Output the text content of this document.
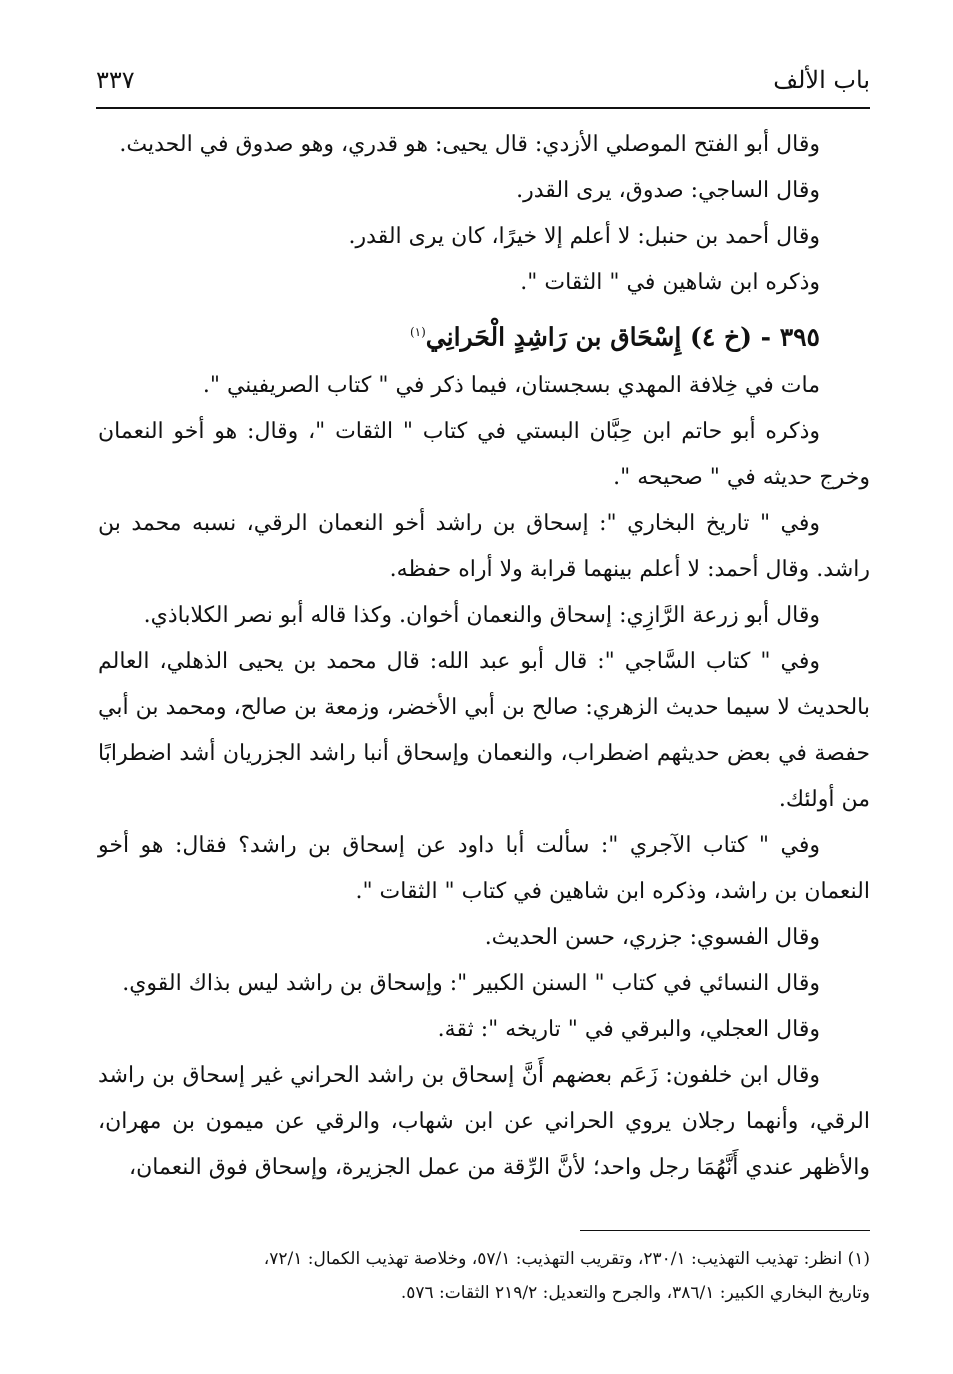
باب الألف
٣٣٧

وقال أبو الفتح الموصلي الأزدي: قال يحيى: هو قدري، وهو صدوق في الحديث.

وقال الساجي: صدوق، يرى القدر.

وقال أحمد بن حنبل: لا أعلم إلا خيرًا، كان يرى القدر.

وذكره ابن شاهين في " الثقات ".

٣٩٥ - (خ ٤) إِسْحَاق بن رَاشِدٍ الْحَرانِي$^{(١)}$

مات في خِلافة المهدي بسجستان، فيما ذكر في " كتاب الصريفيني ".

وذكره أبو حاتم ابن حِبَّان البستي في كتاب " الثقات "، وقال: هو أخو النعمان وخرج حديثه في " صحيحه ".

وفي " تاريخ البخاري ": إسحاق بن راشد أخو النعمان الرقي، نسبه محمد بن راشد. وقال أحمد: لا أعلم بينهما قرابة ولا أراه حفظه.

وقال أبو زرعة الرَّازِي: إسحاق والنعمان أخوان. وكذا قاله أبو نصر الكلاباذي.

وفي " كتاب السَّاجي ": قال أبو عبد الله: قال محمد بن يحيى الذهلي، العالم بالحديث لا سيما حديث الزهري: صالح بن أبي الأخضر، وزمعة بن صالح، ومحمد بن أبي حفصة في بعض حديثهم اضطراب، والنعمان وإسحاق أنبا راشد الجزريان أشد اضطرابًا من أولئك.

وفي " كتاب الآجري ": سألت أبا داود عن إسحاق بن راشد؟ فقال: هو أخو النعمان بن راشد، وذكره ابن شاهين في كتاب " الثقات ".

وقال الفسوي: جزري، حسن الحديث.

وقال النسائي في كتاب " السنن الكبير ": وإسحاق بن راشد ليس بذاك القوي.

وقال العجلي، والبرقي في " تاريخه ": ثقة.

وقال ابن خلفون: زَعَم بعضهم أَنَّ إسحاق بن راشد الحراني غير إسحاق بن راشد الرقي، وأنهما رجلان يروي الحراني عن ابن شهاب، والرقي عن ميمون بن مهران، والأظهر عندي أَنَّهُمَا رجل واحد؛ لأنَّ الرِّقة من عمل الجزيرة، وإسحاق فوق النعمان،

(١) انظر: تهذيب التهذيب: ٢٣٠/١، وتقريب التهذيب: ٥٧/١، وخلاصة تهذيب الكمال: ٧٢/١،

وتاريخ البخاري الكبير: ٣٨٦/١، والجرح والتعديل: ٢١٩/٢ الثقات: ٥٧٦.
